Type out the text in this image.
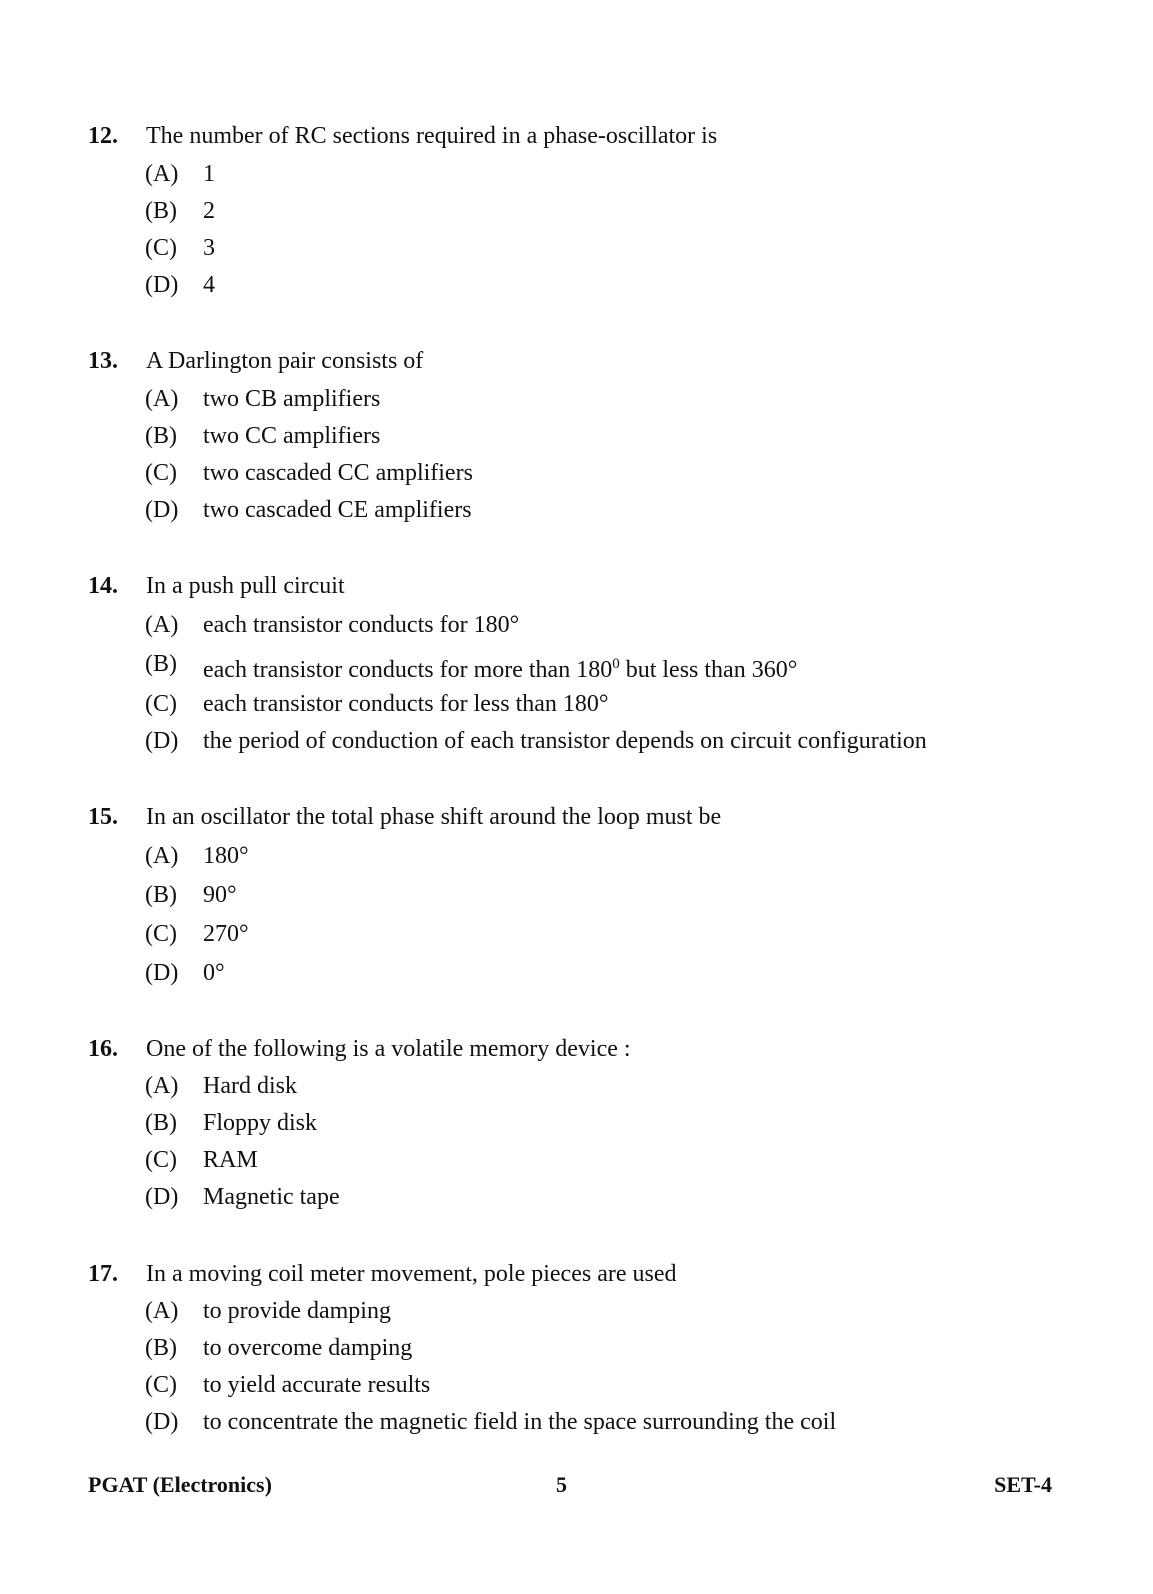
12.	The number of RC sections required in a phase-oscillator is
(A)	1
(B)	2
(C)	3
(D)	4
13.	A Darlington pair consists of
(A)	two CB amplifiers
(B)	two CC amplifiers
(C)	two cascaded CC amplifiers
(D)	two cascaded CE amplifiers
14.	In a push pull circuit
(A)	each transistor conducts for 180°
(B)	each transistor conducts for more than $180^0$ but less than 360°
(C)	each transistor conducts for less than 180°
(D)	the period of conduction of each transistor depends on circuit configuration
15.	In an oscillator the total phase shift around the loop must be
(A)	180°
(B)	90°
(C)	270°
(D)	0°
16.	One of the following is a volatile memory device :
(A)	Hard disk
(B)	Floppy disk
(C)	RAM
(D)	Magnetic tape
17.	In a moving coil meter movement, pole pieces are used
(A)	to provide damping
(B)	to overcome damping
(C)	to yield accurate results
(D)	to concentrate the magnetic field in the space surrounding the coil
PGAT (Electronics)	5	SET-4
